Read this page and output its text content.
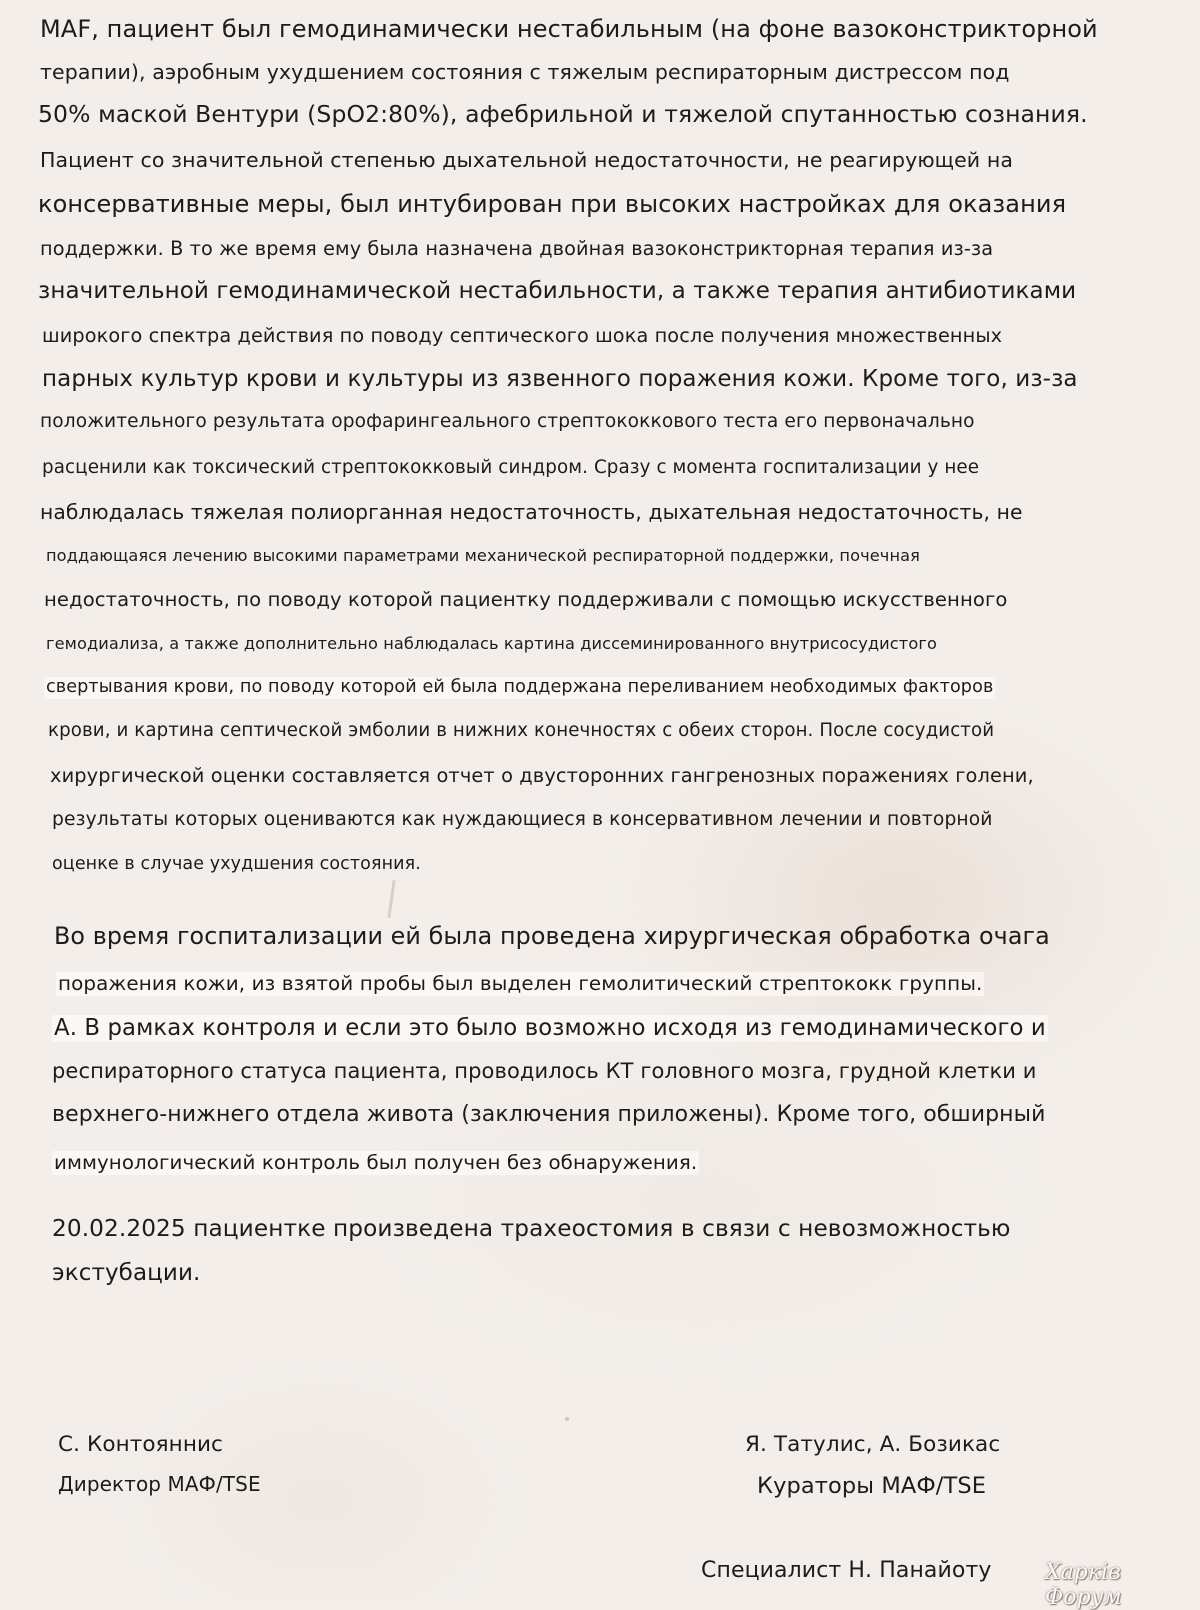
MAF, пациент был гемодинамически нестабильным (на фоне вазоконстрикторной

терапии), аэробным ухудшением состояния с тяжелым респираторным дистрессом под

50% маской Вентури (SpO2:80%), афебрильной и тяжелой спутанностью сознания.

Пациент со значительной степенью дыхательной недостаточности, не реагирующей на

консервативные меры, был интубирован при высоких настройках для оказания

поддержки. В то же время ему была назначена двойная вазоконстрикторная терапия из-за

значительной гемодинамической нестабильности, а также терапия антибиотиками

широкого спектра действия по поводу септического шока после получения множественных

парных культур крови и культуры из язвенного поражения кожи. Кроме того, из-за

положительного результата орофарингеального стрептококкового теста его первоначально

расценили как токсический стрептококковый синдром. Сразу с момента госпитализации у нее

наблюдалась тяжелая полиорганная недостаточность, дыхательная недостаточность, не

поддающаяся лечению высокими параметрами механической респираторной поддержки, почечная

недостаточность, по поводу которой пациентку поддерживали с помощью искусственного

гемодиализа, а также дополнительно наблюдалась картина диссеминированного внутрисосудистого

свертывания крови, по поводу которой ей была поддержана переливанием необходимых факторов

крови, и картина септической эмболии в нижних конечностях с обеих сторон. После сосудистой

хирургической оценки составляется отчет о двусторонних гангренозных поражениях голени,

результаты которых оцениваются как нуждающиеся в консервативном лечении и повторной

оценке в случае ухудшения состояния.

Во время госпитализации ей была проведена хирургическая обработка очага

поражения кожи, из взятой пробы был выделен гемолитический стрептококк группы.

А. В рамках контроля и если это было возможно исходя из гемодинамического и

респираторного статуса пациента, проводилось КТ головного мозга, грудной клетки и

верхнего-нижнего отдела живота (заключения приложены). Кроме того, обширный

иммунологический контроль был получен без обнаружения.

20.02.2025 пациентке произведена трахеостомия в связи с невозможностью

экстубации.

С. Контояннис

Директор МАФ/TSE

Я. Татулис, А. Бозикас

Кураторы МАФ/TSE

Специалист Н. Панайоту Харків Форум
